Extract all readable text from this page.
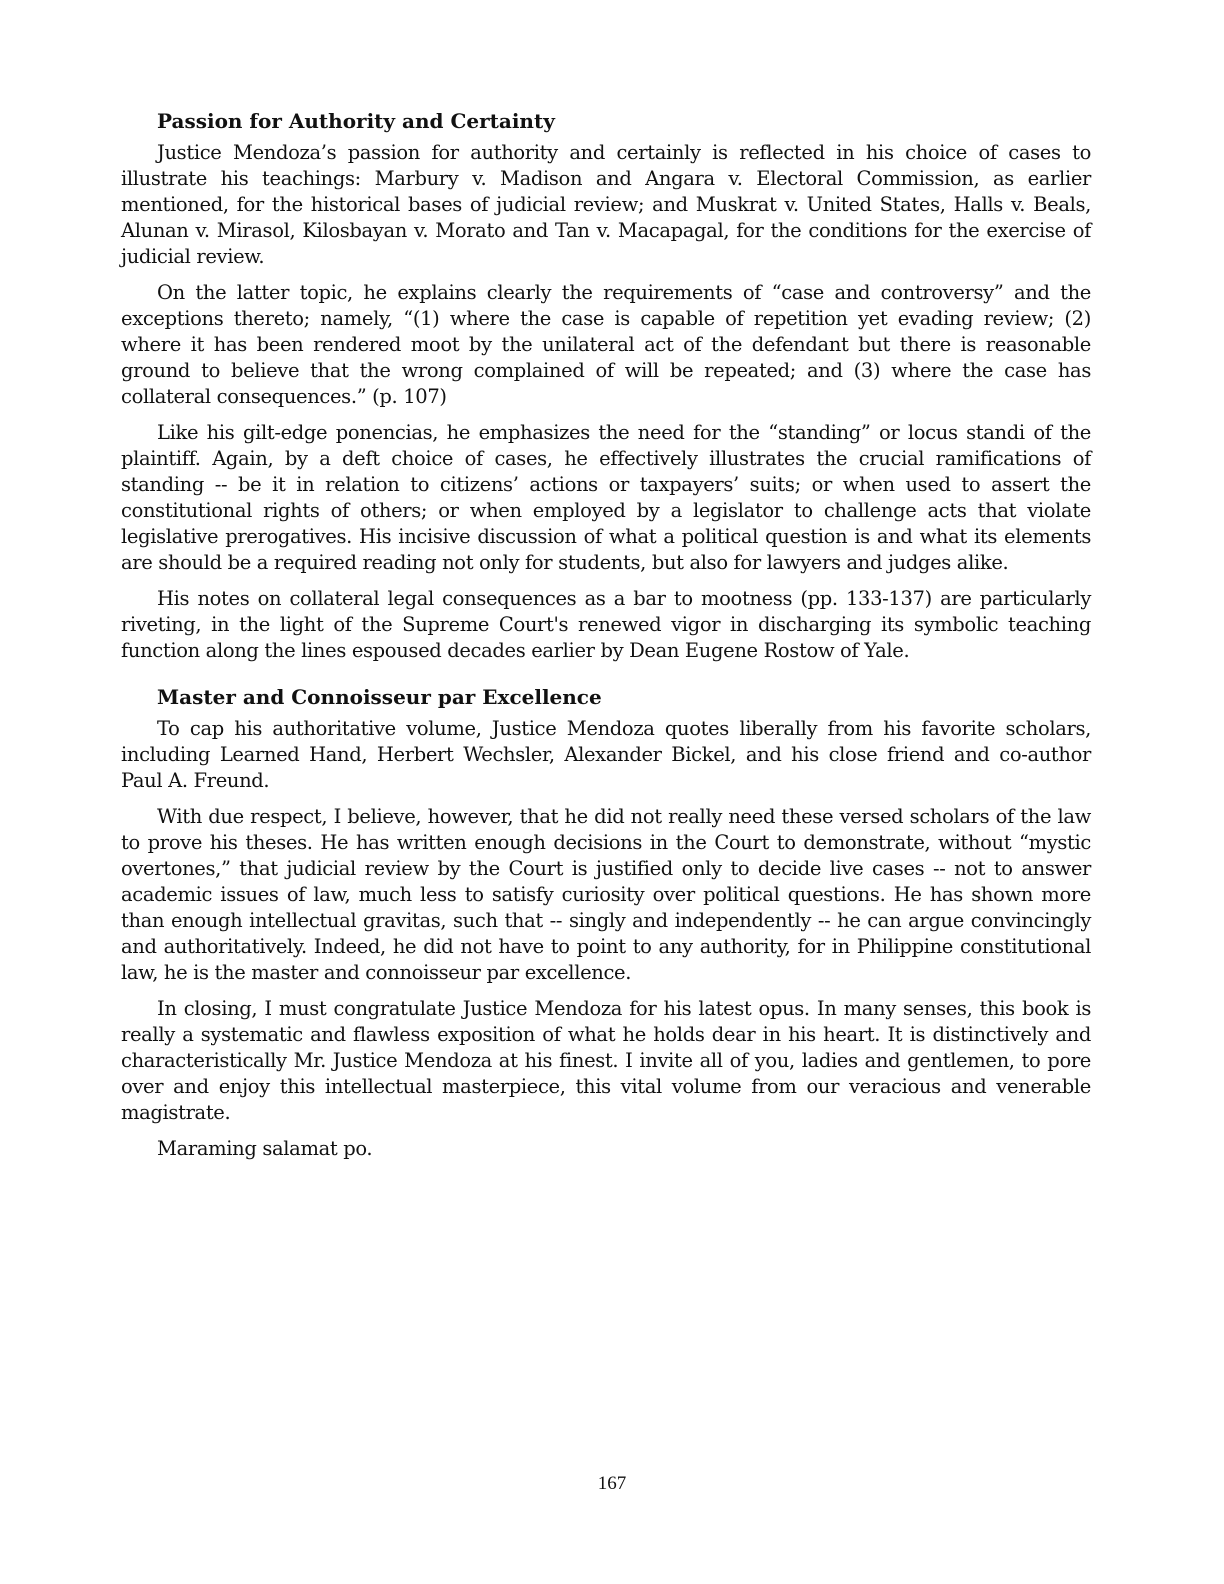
Passion for Authority and Certainty

Justice Mendoza’s passion for authority and certainly is reflected in his choice of cases to illustrate his teachings: Marbury v. Madison and Angara v. Electoral Commission, as earlier mentioned, for the historical bases of judicial review; and Muskrat v. United States, Halls v. Beals, Alunan v. Mirasol, Kilosbayan v. Morato and Tan v. Macapagal, for the conditions for the exercise of judicial review.

On the latter topic, he explains clearly the requirements of “case and controversy” and the exceptions thereto; namely, “(1) where the case is capable of repetition yet evading review; (2) where it has been rendered moot by the unilateral act of the defendant but there is reasonable ground to believe that the wrong complained of will be repeated; and (3) where the case has collateral consequences.” (p. 107)

Like his gilt-edge ponencias, he emphasizes the need for the “standing” or locus standi of the plaintiff. Again, by a deft choice of cases, he effectively illustrates the crucial ramifications of standing -- be it in relation to citizens’ actions or taxpayers’ suits; or when used to assert the constitutional rights of others; or when employed by a legislator to challenge acts that violate legislative prerogatives. His incisive discussion of what a political question is and what its elements are should be a required reading not only for students, but also for lawyers and judges alike.

His notes on collateral legal consequences as a bar to mootness (pp. 133-137) are particularly riveting, in the light of the Supreme Court's renewed vigor in discharging its symbolic teaching function along the lines espoused decades earlier by Dean Eugene Rostow of Yale.

Master and Connoisseur par Excellence

To cap his authoritative volume, Justice Mendoza quotes liberally from his favorite scholars, including Learned Hand, Herbert Wechsler, Alexander Bickel, and his close friend and co-author Paul A. Freund.

With due respect, I believe, however, that he did not really need these versed scholars of the law to prove his theses. He has written enough decisions in the Court to demonstrate, without “mystic overtones,” that judicial review by the Court is justified only to decide live cases -- not to answer academic issues of law, much less to satisfy curiosity over political questions. He has shown more than enough intellectual gravitas, such that -- singly and independently -- he can argue convincingly and authoritatively. Indeed, he did not have to point to any authority, for in Philippine constitutional law, he is the master and connoisseur par excellence.

In closing, I must congratulate Justice Mendoza for his latest opus. In many senses, this book is really a systematic and flawless exposition of what he holds dear in his heart. It is distinctively and characteristically Mr. Justice Mendoza at his finest. I invite all of you, ladies and gentlemen, to pore over and enjoy this intellectual masterpiece, this vital volume from our veracious and venerable magistrate.

Maraming salamat po.

167
